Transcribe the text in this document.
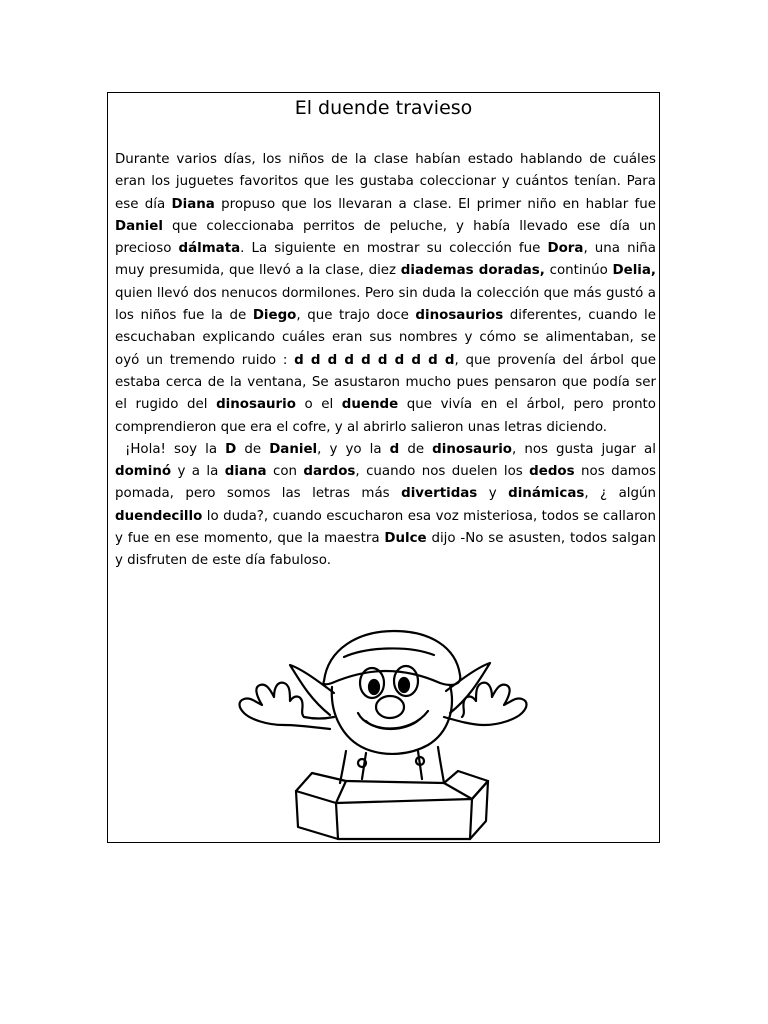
El duende travieso

Durante varios días, los niños de la clase habían estado hablando de cuáles eran los juguetes favoritos que les gustaba coleccionar y cuántos tenían. Para ese día Diana propuso que los llevaran a clase. El primer niño en hablar fue Daniel que coleccionaba perritos de peluche, y había llevado ese día un precioso dálmata. La siguiente en mostrar su colección fue Dora, una niña muy presumida, que llevó a la clase, diez diademas doradas, continúo Delia, quien llevó dos nenucos dormilones. Pero sin duda la colección que más gustó a los niños fue la de Diego, que trajo doce dinosaurios diferentes, cuando le escuchaban explicando cuáles eran sus nombres y cómo se alimentaban, se oyó un tremendo ruido : d d d d d d d d d d, que provenía del árbol que estaba cerca de la ventana, Se asustaron mucho pues pensaron que podía ser el rugido del dinosaurio o el duende que vivía en el árbol, pero pronto comprendieron que era el cofre, y al abrirlo salieron unas letras diciendo.

¡Hola! soy la D de Daniel, y yo la d de dinosaurio, nos gusta jugar al dominó y a la diana con dardos, cuando nos duelen los dedos nos damos pomada, pero somos las letras más divertidas y dinámicas, ¿ algún duendecillo lo duda?, cuando escucharon esa voz misteriosa, todos se callaron y fue en ese momento, que la maestra Dulce dijo -No se asusten, todos salgan y disfruten de este día fabuloso.
